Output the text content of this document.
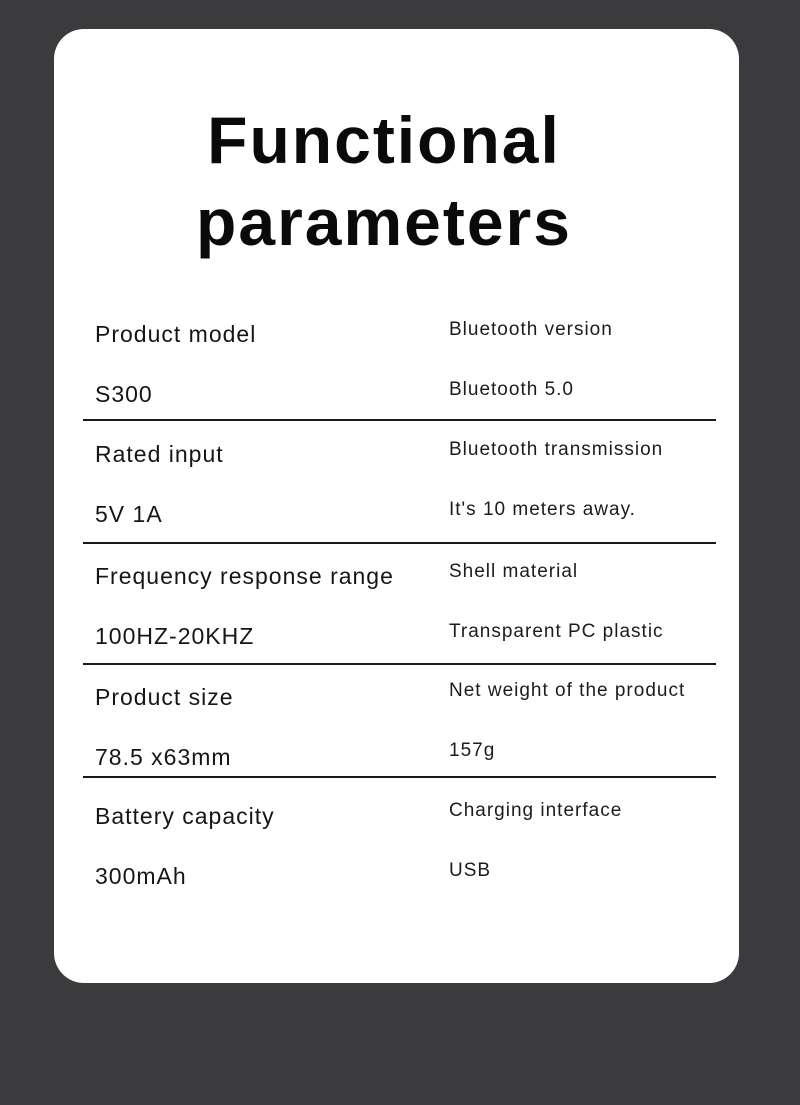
Functional
parameters
Product model
S300
Bluetooth version
Bluetooth 5.0
Rated input
5V 1A
Bluetooth transmission
It's 10 meters away.
Frequency response range
100HZ-20KHZ
Shell material
Transparent PC plastic
Product size
78.5 x63mm
Net weight of the product
157g
Battery capacity
300mAh
Charging interface
USB
